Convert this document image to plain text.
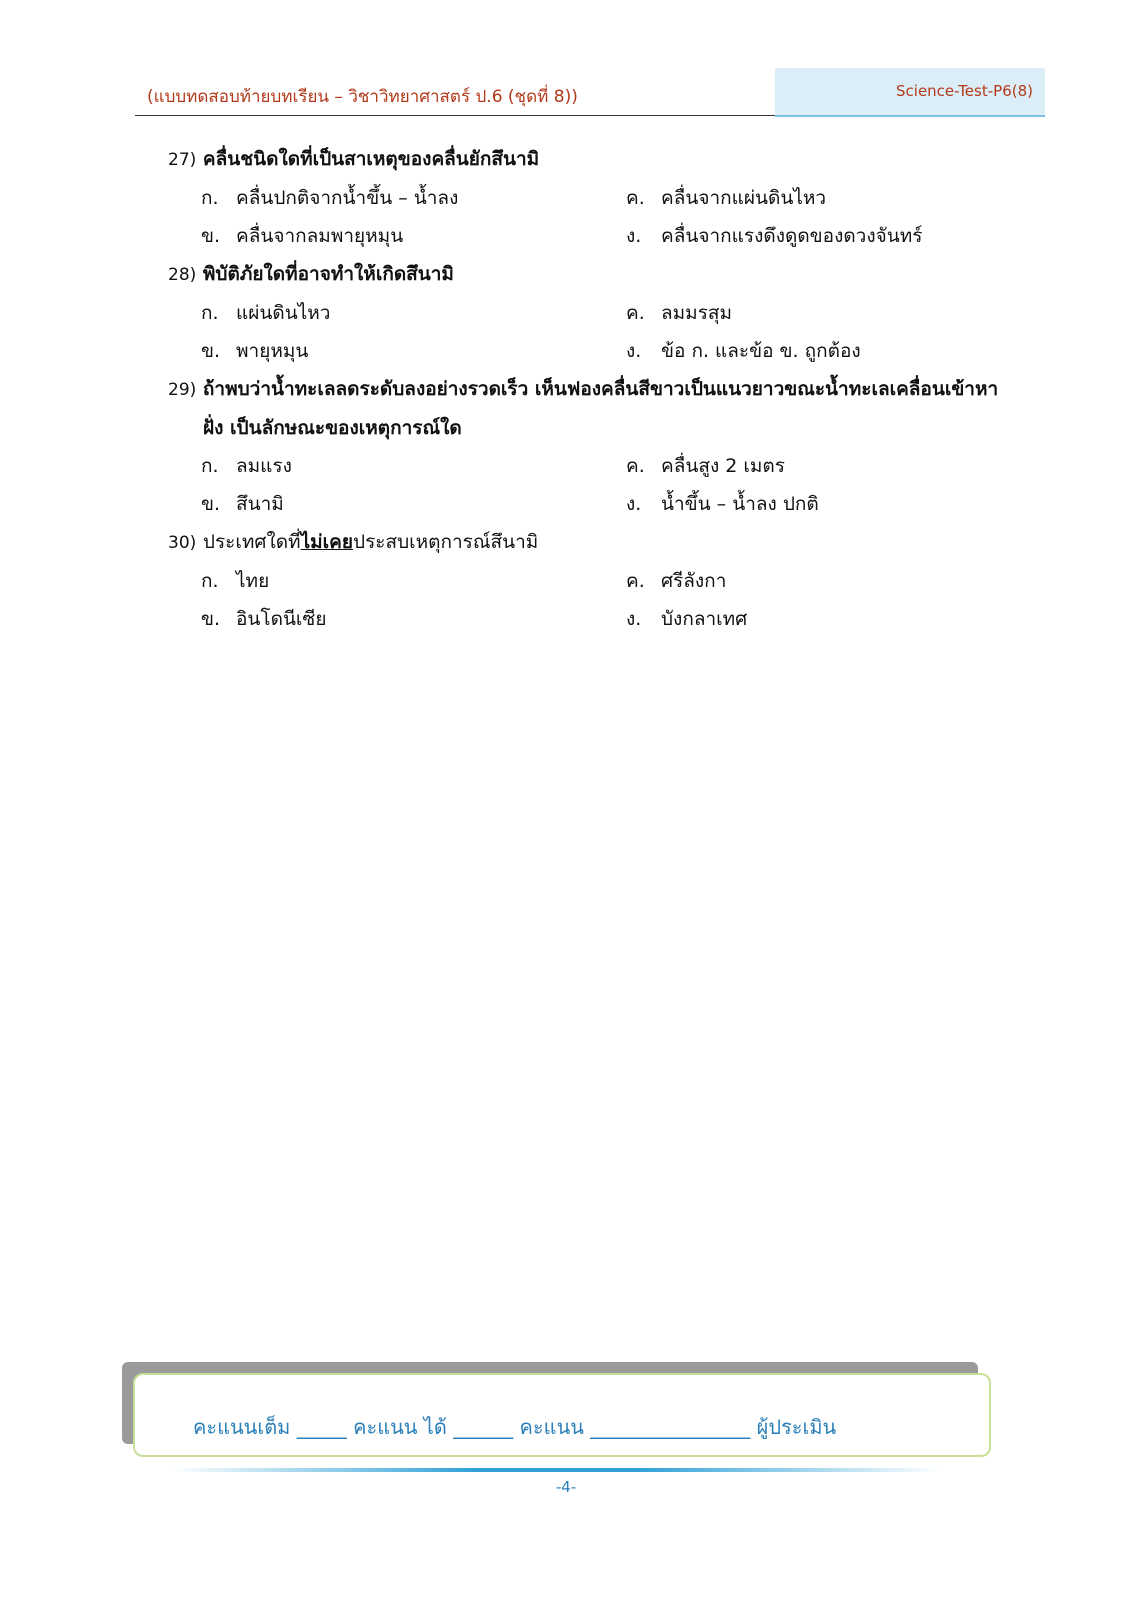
(แบบทดสอบท้ายบทเรียน – วิชาวิทยาศาสตร์ ป.6 (ชุดที่ 8))	Science-Test-P6(8)
27) คลื่นชนิดใดที่เป็นสาเหตุของคลื่นยักสึนามิ
ก. คลื่นปกติจากน้ำขึ้น – น้ำลง	ค. คลื่นจากแผ่นดินไหว
ข. คลื่นจากลมพายุหมุน	ง. คลื่นจากแรงดึงดูดของดวงจันทร์
28) พิบัติภัยใดที่อาจทำให้เกิดสึนามิ
ก. แผ่นดินไหว	ค. ลมมรสุม
ข. พายุหมุน	ง. ข้อ ก. และข้อ ข. ถูกต้อง
29) ถ้าพบว่าน้ำทะเลลดระดับลงอย่างรวดเร็ว เห็นฟองคลื่นสีขาวเป็นแนวยาวขณะน้ำทะเลเคลื่อนเข้าหา
ฝั่ง เป็นลักษณะของเหตุการณ์ใด
ก. ลมแรง	ค. คลื่นสูง 2 เมตร
ข. สึนามิ	ง. น้ำขึ้น – น้ำลง ปกติ
30) ประเทศใดที่ไม่เคยประสบเหตุการณ์สึนามิ
ก. ไทย	ค. ศรีลังกา
ข. อินโดนีเซีย	ง. บังกลาเทศ
คะแนนเต็ม _____ คะแนน ได้ ______ คะแนน ________________ ผู้ประเมิน
-4-
